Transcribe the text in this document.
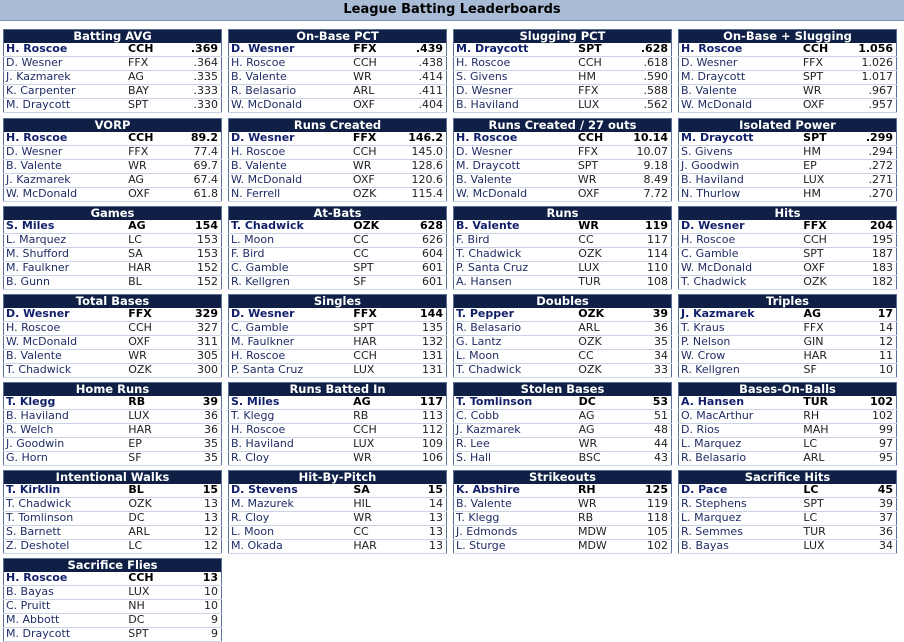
League Batting Leaderboards
Batting AVG		
H. Roscoe	CCH	.369
D. Wesner	FFX	.364
J. Kazmarek	AG	.335
K. Carpenter	BAY	.333
M. Draycott	SPT	.330
On-Base PCT		
D. Wesner	FFX	.439
H. Roscoe	CCH	.438
B. Valente	WR	.414
R. Belasario	ARL	.411
W. McDonald	OXF	.404
Slugging PCT		
M. Draycott	SPT	.628
H. Roscoe	CCH	.618
S. Givens	HM	.590
D. Wesner	FFX	.588
B. Haviland	LUX	.562
On-Base + Slugging		
H. Roscoe	CCH	1.056
D. Wesner	FFX	1.026
M. Draycott	SPT	1.017
B. Valente	WR	.967
W. McDonald	OXF	.957
VORP		
H. Roscoe	CCH	89.2
D. Wesner	FFX	77.4
B. Valente	WR	69.7
J. Kazmarek	AG	67.4
W. McDonald	OXF	61.8
Runs Created		
D. Wesner	FFX	146.2
H. Roscoe	CCH	145.0
B. Valente	WR	128.6
W. McDonald	OXF	120.6
N. Ferrell	OZK	115.4
Runs Created / 27 outs		
H. Roscoe	CCH	10.14
D. Wesner	FFX	10.07
M. Draycott	SPT	9.18
B. Valente	WR	8.49
W. McDonald	OXF	7.72
Isolated Power		
M. Draycott	SPT	.299
S. Givens	HM	.294
J. Goodwin	EP	.272
B. Haviland	LUX	.271
N. Thurlow	HM	.270
Games		
S. Miles	AG	154
L. Marquez	LC	153
M. Shufford	SA	153
M. Faulkner	HAR	152
B. Gunn	BL	152
At-Bats		
T. Chadwick	OZK	628
L. Moon	CC	626
F. Bird	CC	604
C. Gamble	SPT	601
R. Kellgren	SF	601
Runs		
B. Valente	WR	119
F. Bird	CC	117
T. Chadwick	OZK	114
P. Santa Cruz	LUX	110
A. Hansen	TUR	108
Hits		
D. Wesner	FFX	204
H. Roscoe	CCH	195
C. Gamble	SPT	187
W. McDonald	OXF	183
T. Chadwick	OZK	182
Total Bases		
D. Wesner	FFX	329
H. Roscoe	CCH	327
W. McDonald	OXF	311
B. Valente	WR	305
T. Chadwick	OZK	300
Singles		
D. Wesner	FFX	144
C. Gamble	SPT	135
M. Faulkner	HAR	132
H. Roscoe	CCH	131
P. Santa Cruz	LUX	131
Doubles		
T. Pepper	OZK	39
R. Belasario	ARL	36
G. Lantz	OZK	35
L. Moon	CC	34
T. Chadwick	OZK	33
Triples		
J. Kazmarek	AG	17
T. Kraus	FFX	14
P. Nelson	GIN	12
W. Crow	HAR	11
R. Kellgren	SF	10
Home Runs		
T. Klegg	RB	39
B. Haviland	LUX	36
R. Welch	HAR	36
J. Goodwin	EP	35
G. Horn	SF	35
Runs Batted In		
S. Miles	AG	117
T. Klegg	RB	113
H. Roscoe	CCH	112
B. Haviland	LUX	109
R. Cloy	WR	106
Stolen Bases		
T. Tomlinson	DC	53
C. Cobb	AG	51
J. Kazmarek	AG	48
R. Lee	WR	44
S. Hall	BSC	43
Bases-On-Balls		
A. Hansen	TUR	102
O. MacArthur	RH	102
D. Rios	MAH	99
L. Marquez	LC	97
R. Belasario	ARL	95
Intentional Walks		
T. Kirklin	BL	15
T. Chadwick	OZK	13
T. Tomlinson	DC	13
S. Barnett	ARL	12
Z. Deshotel	LC	12
Hit-By-Pitch		
D. Stevens	SA	15
M. Mazurek	HIL	14
R. Cloy	WR	13
L. Moon	CC	13
M. Okada	HAR	13
Strikeouts		
K. Abshire	RH	125
B. Valente	WR	119
T. Klegg	RB	118
J. Edmonds	MDW	105
L. Sturge	MDW	102
Sacrifice Hits		
D. Pace	LC	45
R. Stephens	SPT	39
L. Marquez	LC	37
R. Semmes	TUR	36
B. Bayas	LUX	34
Sacrifice Flies		
H. Roscoe	CCH	13
B. Bayas	LUX	10
C. Pruitt	NH	10
M. Abbott	DC	9
M. Draycott	SPT	9
